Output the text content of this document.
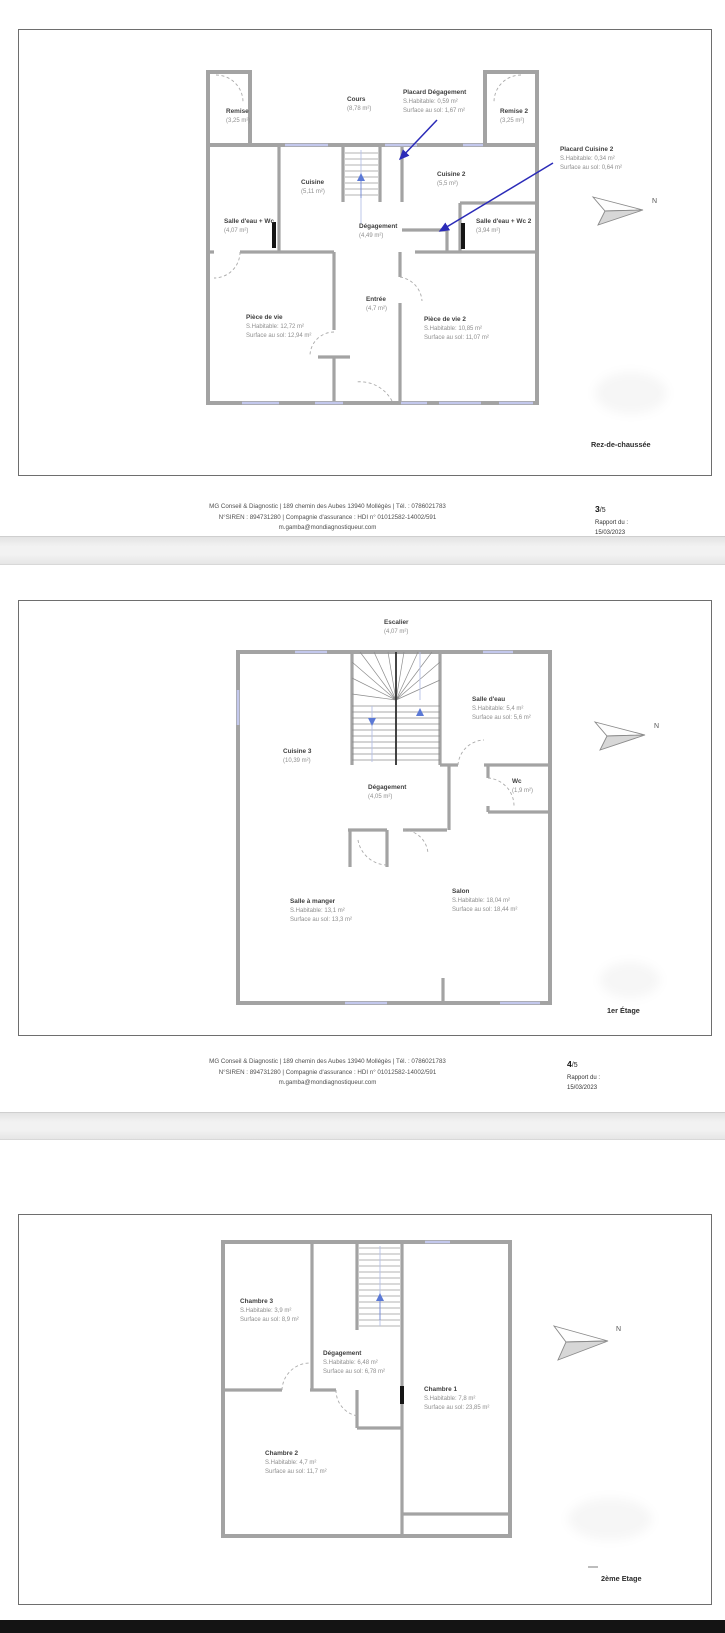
Remise
(3,25 m²)
Cours
(8,78 m²)
Placard Dégagement
S.Habitable: 0,59 m²
Surface au sol: 1,67 m²	Remise 2
(3,25 m²)
Placard Cuisine 2
S.Habitable: 0,34 m²
Surface au sol: 0,64 m²
Cuisine
(5,11 m²)
Cuisine 2
(5,5 m²)
Salle d'eau + Wc
(4,07 m²)
Dégagement
(4,49 m²)
Salle d'eau + Wc 2
(3,94 m²)
Entrée
(4,7 m²)
Pièce de vie
S.Habitable: 12,72 m²
Surface au sol: 12,94 m²
Pièce de vie 2
S.Habitable: 10,85 m²
Surface au sol: 11,07 m²
N
Rez-de-chaussée
MG Conseil & Diagnostic | 189 chemin des Aubes 13940 Mollégès | Tél. : 0786021783
N°SIREN : 894731280 | Compagnie d'assurance : HDI n° 01012582-14002/591
m.gamba@mondiagnostiqueur.com
3/5
Rapport du :
15/03/2023
Escalier
(4,07 m²)
Salle d'eau
S.Habitable: 5,4 m²
Surface au sol: 5,6 m²
Cuisine 3
(10,39 m²)
Dégagement
(4,05 m²)
Wc
(1,9 m²)
Salle à manger
S.Habitable: 13,1 m²
Surface au sol: 13,3 m²
Salon
S.Habitable: 18,04 m²
Surface au sol: 18,44 m²
N
1er Étage
MG Conseil & Diagnostic | 189 chemin des Aubes 13940 Mollégès | Tél. : 0786021783
N°SIREN : 894731280 | Compagnie d'assurance : HDI n° 01012582-14002/591
m.gamba@mondiagnostiqueur.com
4/5
Rapport du :
15/03/2023
Chambre 3
S.Habitable: 3,9 m²
Surface au sol: 8,9 m²
Dégagement
S.Habitable: 6,48 m²
Surface au sol: 6,78 m²
Chambre 1
S.Habitable: 7,8 m²
Surface au sol: 23,85 m²
Chambre 2
S.Habitable: 4,7 m²
Surface au sol: 11,7 m²
N
2ème Etage
